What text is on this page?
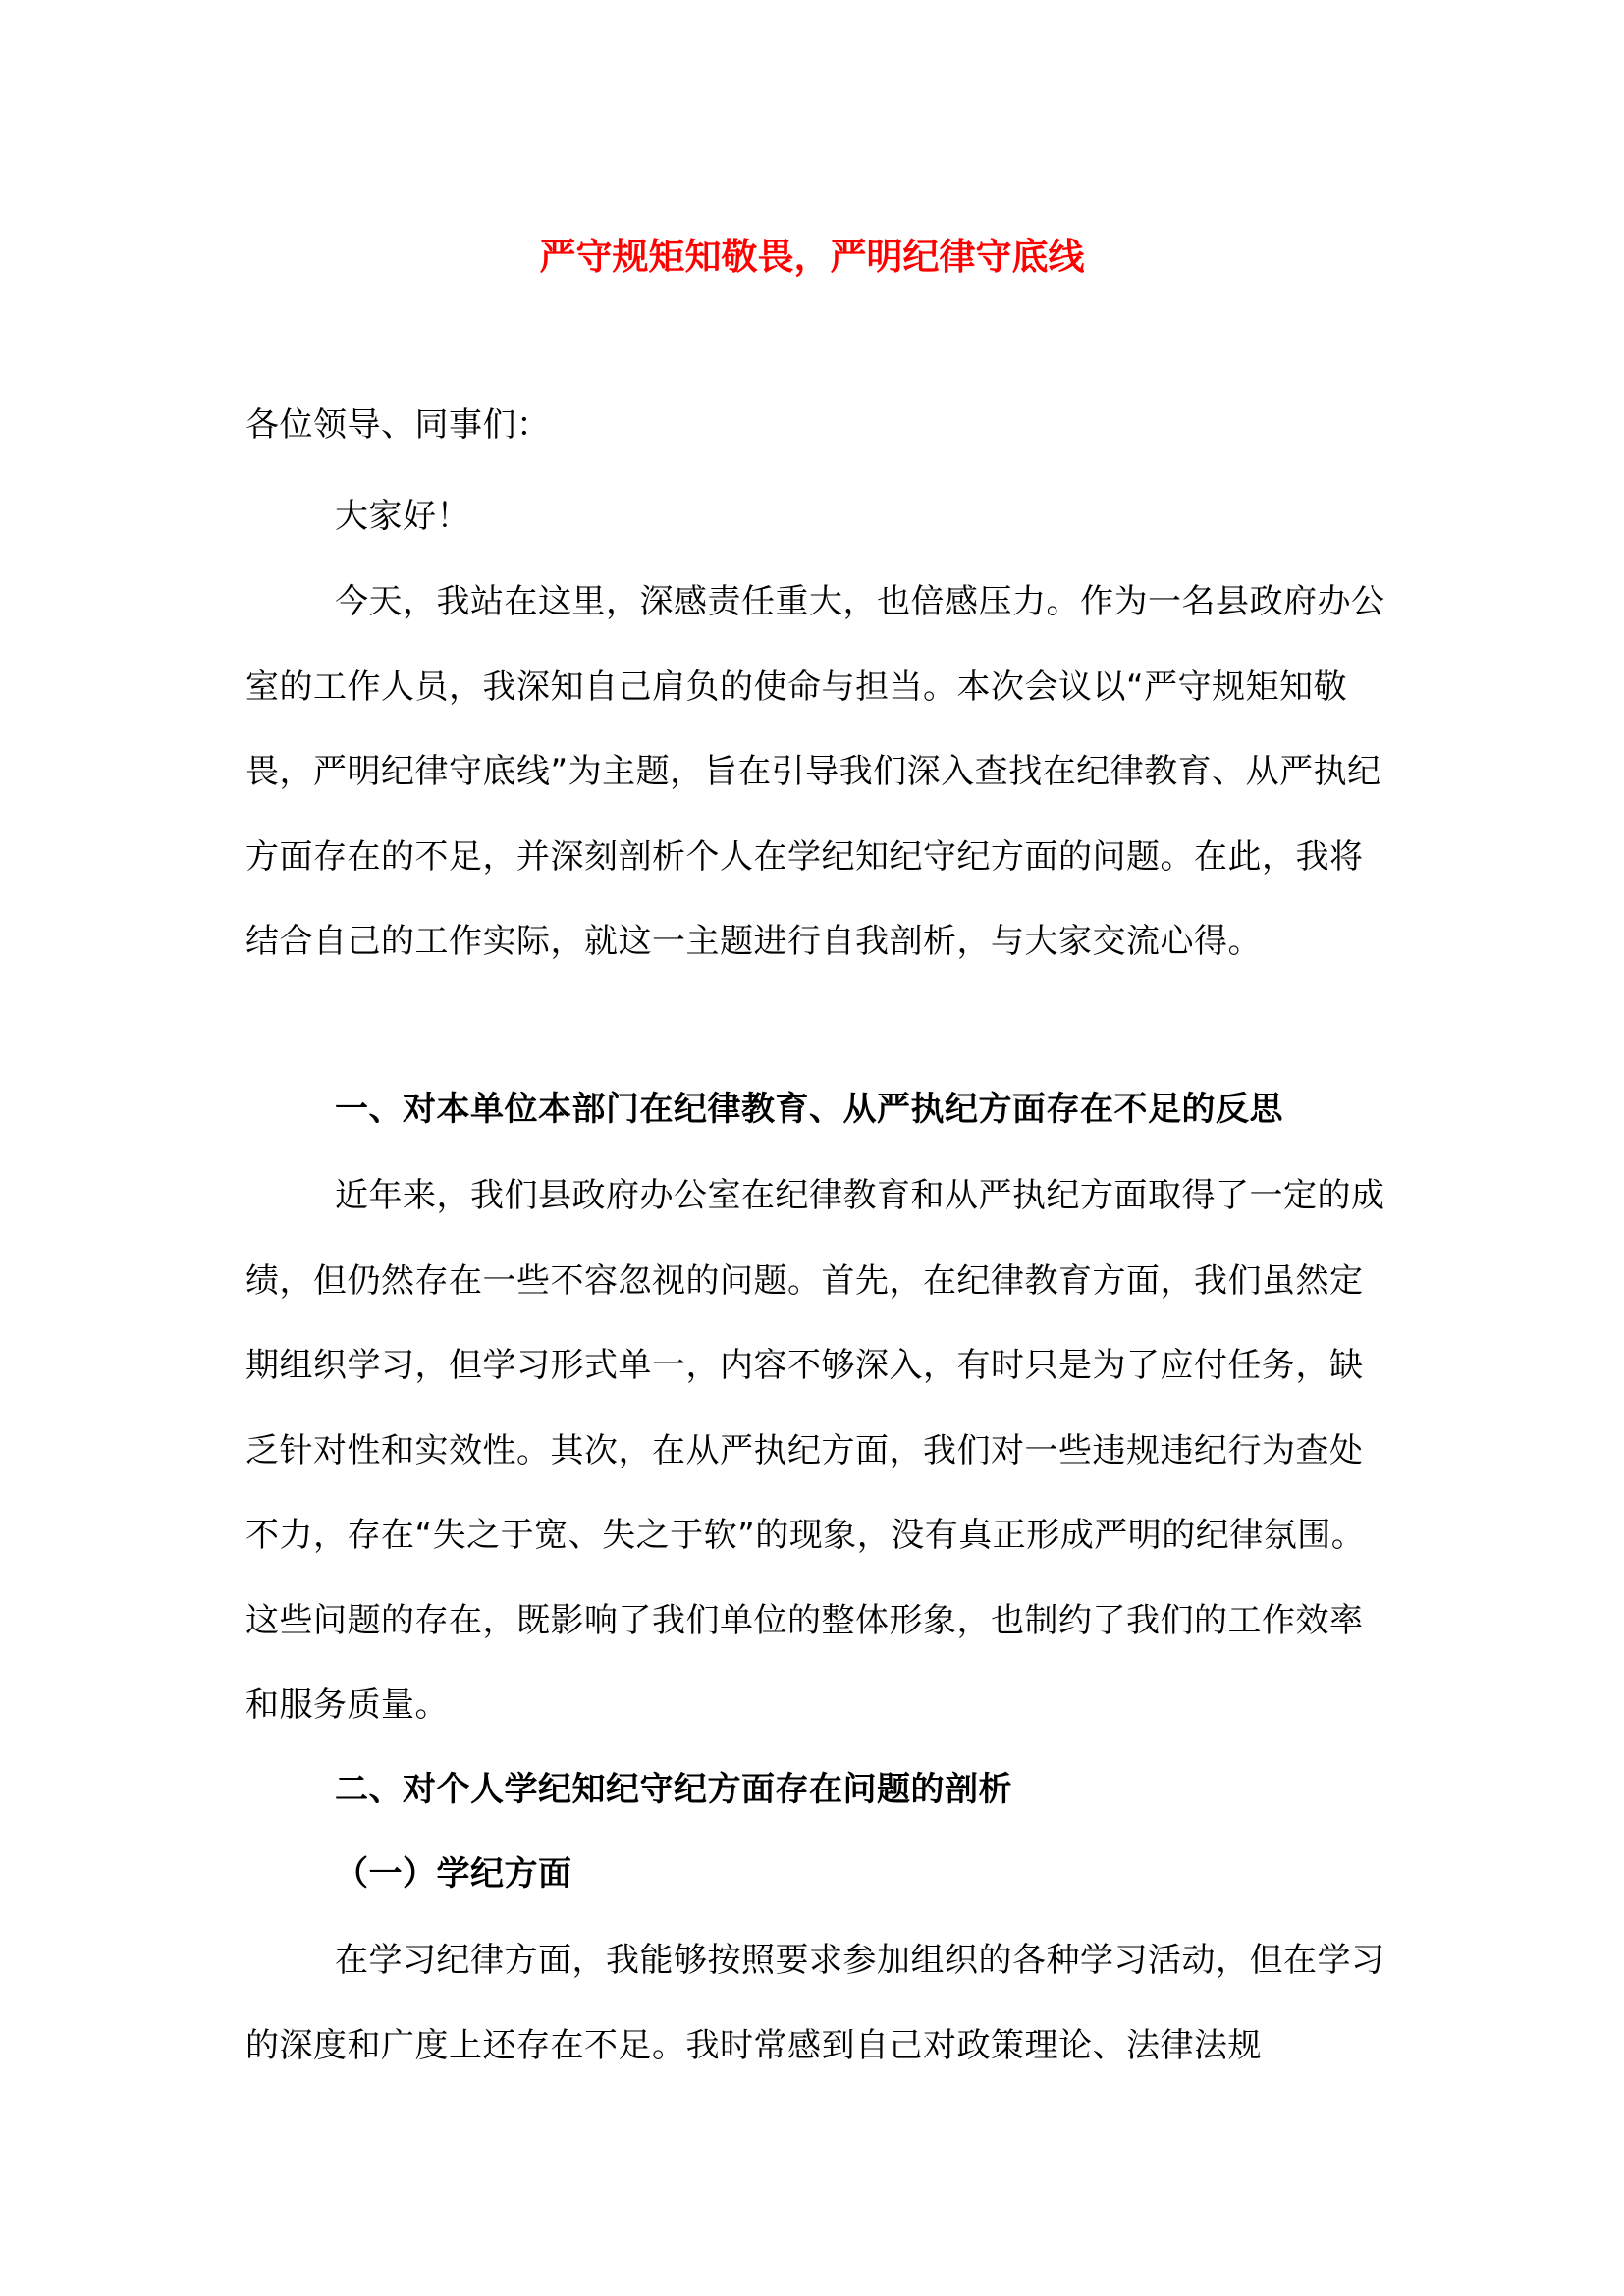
严守规矩知敬畏，严明纪律守底线

各位领导、同事们：

大家好！

今天，我站在这里，深感责任重大，也倍感压力。作为一名县政府办公室的工作人员，我深知自己肩负的使命与担当。本次会议以“严守规矩知敬畏，严明纪律守底线”为主题，旨在引导我们深入查找在纪律教育、从严执纪方面存在的不足，并深刻剖析个人在学纪知纪守纪方面的问题。在此，我将结合自己的工作实际，就这一主题进行自我剖析，与大家交流心得。

一、对本单位本部门在纪律教育、从严执纪方面存在不足的反思

近年来，我们县政府办公室在纪律教育和从严执纪方面取得了一定的成绩，但仍然存在一些不容忽视的问题。首先，在纪律教育方面，我们虽然定期组织学习，但学习形式单一，内容不够深入，有时只是为了应付任务，缺乏针对性和实效性。其次，在从严执纪方面，我们对一些违规违纪行为查处不力，存在“失之于宽、失之于软”的现象，没有真正形成严明的纪律氛围。这些问题的存在，既影响了我们单位的整体形象，也制约了我们的工作效率和服务质量。

二、对个人学纪知纪守纪方面存在问题的剖析

（一）学纪方面

在学习纪律方面，我能够按照要求参加组织的各种学习活动，但在学习的深度和广度上还存在不足。我时常感到自己对政策理论、法律法规
